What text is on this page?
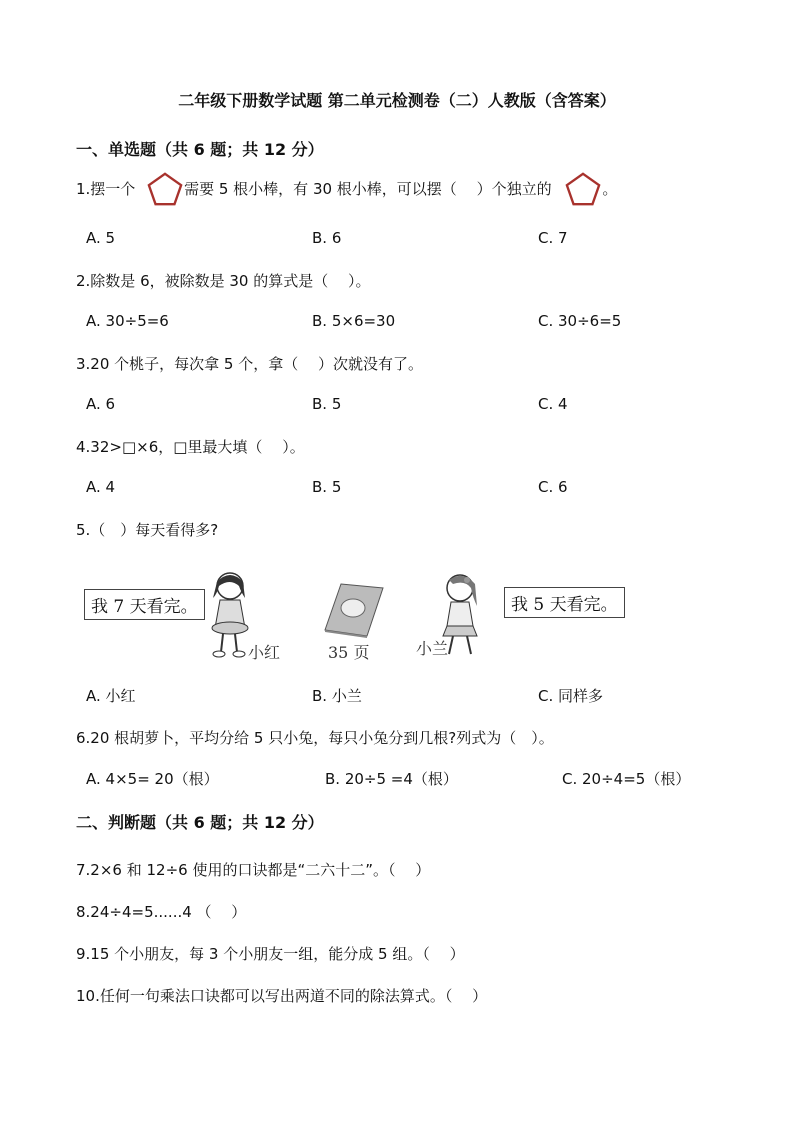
二年级下册数学试题 第二单元检测卷（二）人教版（含答案）
一、单选题（共 6 题；共 12 分）
1.摆一个	需要 5 根小棒，有 30 根小棒，可以摆（　 ）个独立的	。
A. 5	B. 6	C. 7
2.除数是 6，被除数是 30 的算式是（　 ）。
A. 30÷5=6	B. 5×6=30	C. 30÷6=5
3.20 个桃子，每次拿 5 个，拿（　 ）次就没有了。
A. 6	B. 5	C. 4
4.32>□×6，□里最大填（　 ）。
A. 4	B. 5	C. 6
5.（　）每天看得多?
我 7 天看完。
小红	35 页	小兰
我 5 天看完。
A. 小红	B. 小兰	C. 同样多
6.20 根胡萝卜，平均分给 5 只小兔，每只小兔分到几根?列式为（　）。
A. 4×5= 20（根）	B. 20÷5 =4（根）	C. 20÷4=5（根）
二、判断题（共 6 题；共 12 分）
7.2×6 和 12÷6 使用的口诀都是“二六十二”。（　 ）
8.24÷4=5......4 （　 ）
9.15 个小朋友，每 3 个小朋友一组，能分成 5 组。（　 ）
10.任何一句乘法口诀都可以写出两道不同的除法算式。（　 ）
